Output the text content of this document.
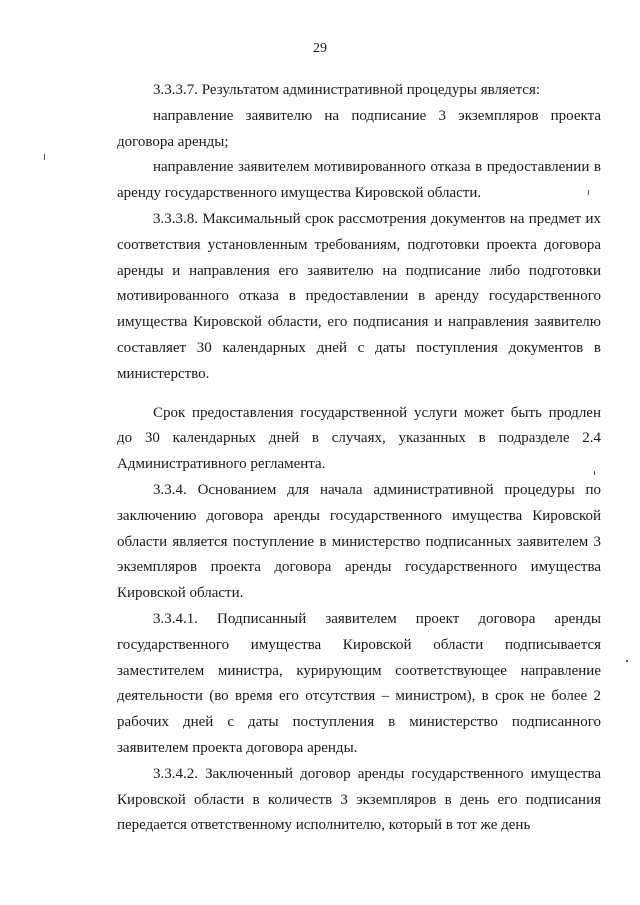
29

3.3.3.7. Результатом административной процедуры является:

направление заявителю на подписание 3 экземпляров проекта договора аренды;

направление заявителем мотивированного отказа в предоставлении в аренду государственного имущества Кировской области.

3.3.3.8. Максимальный срок рассмотрения документов на предмет их соответствия установленным требованиям, подготовки проекта договора аренды и направления его заявителю на подписание либо подготовки мотивированного отказа в предоставлении в аренду государственного имущества Кировской области, его подписания и направления заявителю составляет 30 календарных дней с даты поступления документов в министерство.

Срок предоставления государственной услуги может быть продлен до 30 календарных дней в случаях, указанных в подразделе 2.4 Административного регламента.

3.3.4. Основанием для начала административной процедуры по заключению договора аренды государственного имущества Кировской области является поступление в министерство подписанных заявителем 3 экземпляров проекта договора аренды государственного имущества Кировской области.

3.3.4.1. Подписанный заявителем проект договора аренды государственного имущества Кировской области подписывается заместителем министра, курирующим соответствующее направление деятельности (во время его отсутствия – министром), в срок не более 2 рабочих дней с даты поступления в министерство подписанного заявителем проекта договора аренды.

3.3.4.2. Заключенный договор аренды государственного имущества Кировской области в количеств 3 экземпляров в день его подписания передается ответственному исполнителю, который в тот же день
